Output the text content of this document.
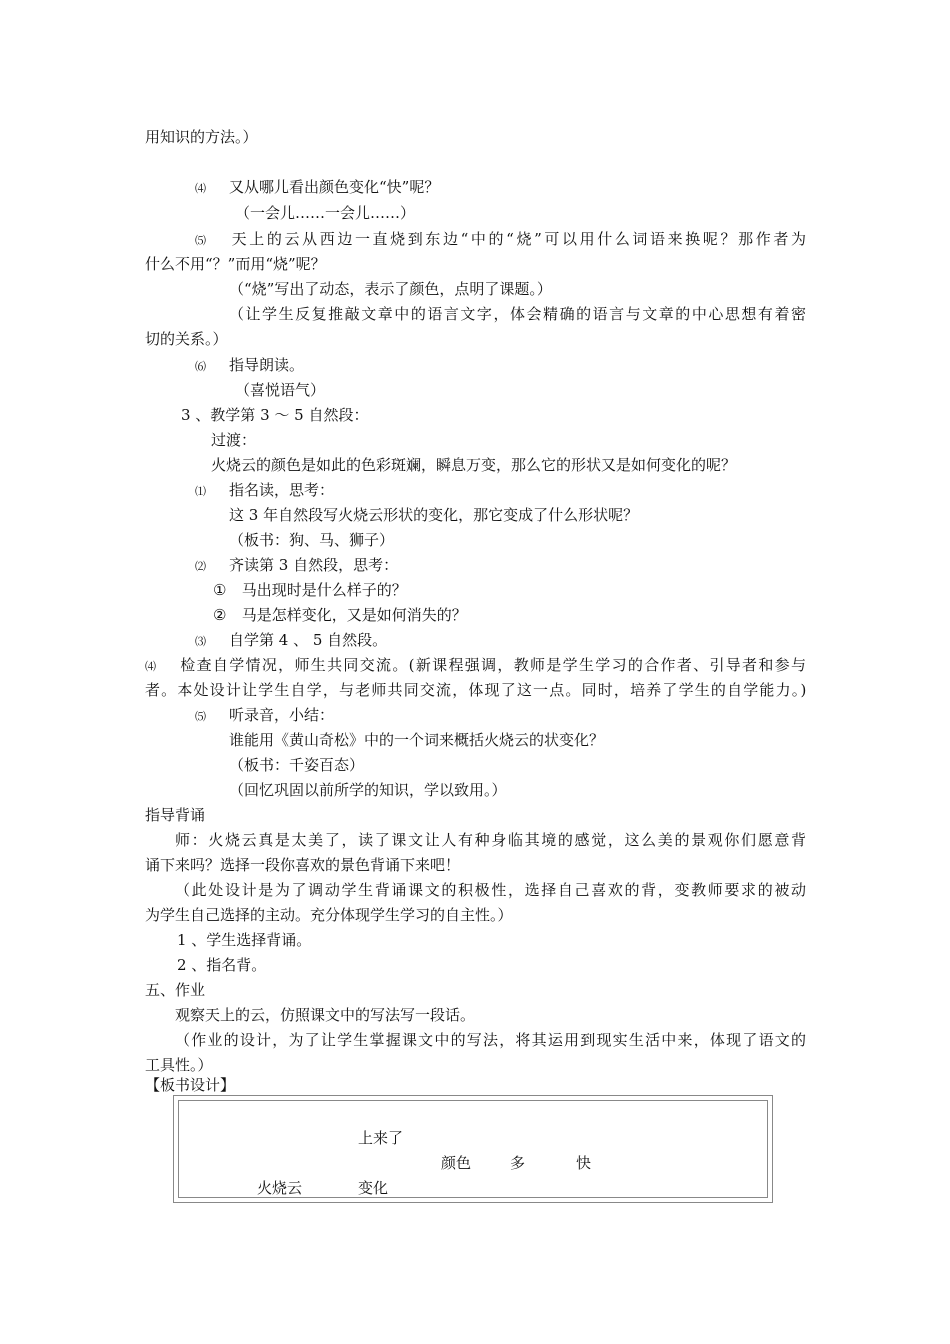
用知识的方法。）
⑷ 又从哪儿看出颜色变化“快”呢？
（一会儿……一会儿……）
⑸ 天上的云从西边一直烧到东边“中的“烧”可以用什么词语来换呢？那作者为
什么不用“？”而用“烧”呢？
（“烧”写出了动态，表示了颜色，点明了课题。）
（让学生反复推敲文章中的语言文字，体会精确的语言与文章的中心思想有着密
切的关系。）
⑹ 指导朗读。
（喜悦语气）
3 、教学第 3 ～ 5 自然段：
过渡：
火烧云的颜色是如此的色彩斑斓，瞬息万变，那么它的形状又是如何变化的呢？
⑴ 指名读，思考：
这 3 年自然段写火烧云形状的变化，那它变成了什么形状呢？
（板书：狗、马、狮子）
⑵ 齐读第 3 自然段，思考：
① 马出现时是什么样子的？
② 马是怎样变化，又是如何消失的？
⑶ 自学第 4 、 5 自然段。
⑷ 检查自学情况，师生共同交流。(新课程强调，教师是学生学习的合作者、引导者和参与
者。本处设计让学生自学，与老师共同交流，体现了这一点。同时，培养了学生的自学能力。)
⑸ 听录音，小结：
谁能用《黄山奇松》中的一个词来概括火烧云的状变化？
（板书：千姿百态）
（回忆巩固以前所学的知识，学以致用。）
指导背诵
师：火烧云真是太美了，读了课文让人有种身临其境的感觉，这么美的景观你们愿意背
诵下来吗？选择一段你喜欢的景色背诵下来吧！
（此处设计是为了调动学生背诵课文的积极性，选择自己喜欢的背，变教师要求的被动
为学生自己选择的主动。充分体现学生学习的自主性。）
1 、学生选择背诵。
2 、指名背。
五、作业
观察天上的云，仿照课文中的写法写一段话。
（作业的设计，为了让学生掌握课文中的写法，将其运用到现实生活中来，体现了语文的
工具性。）
【板书设计】
上来了
颜色	多	快
火烧云	变化
